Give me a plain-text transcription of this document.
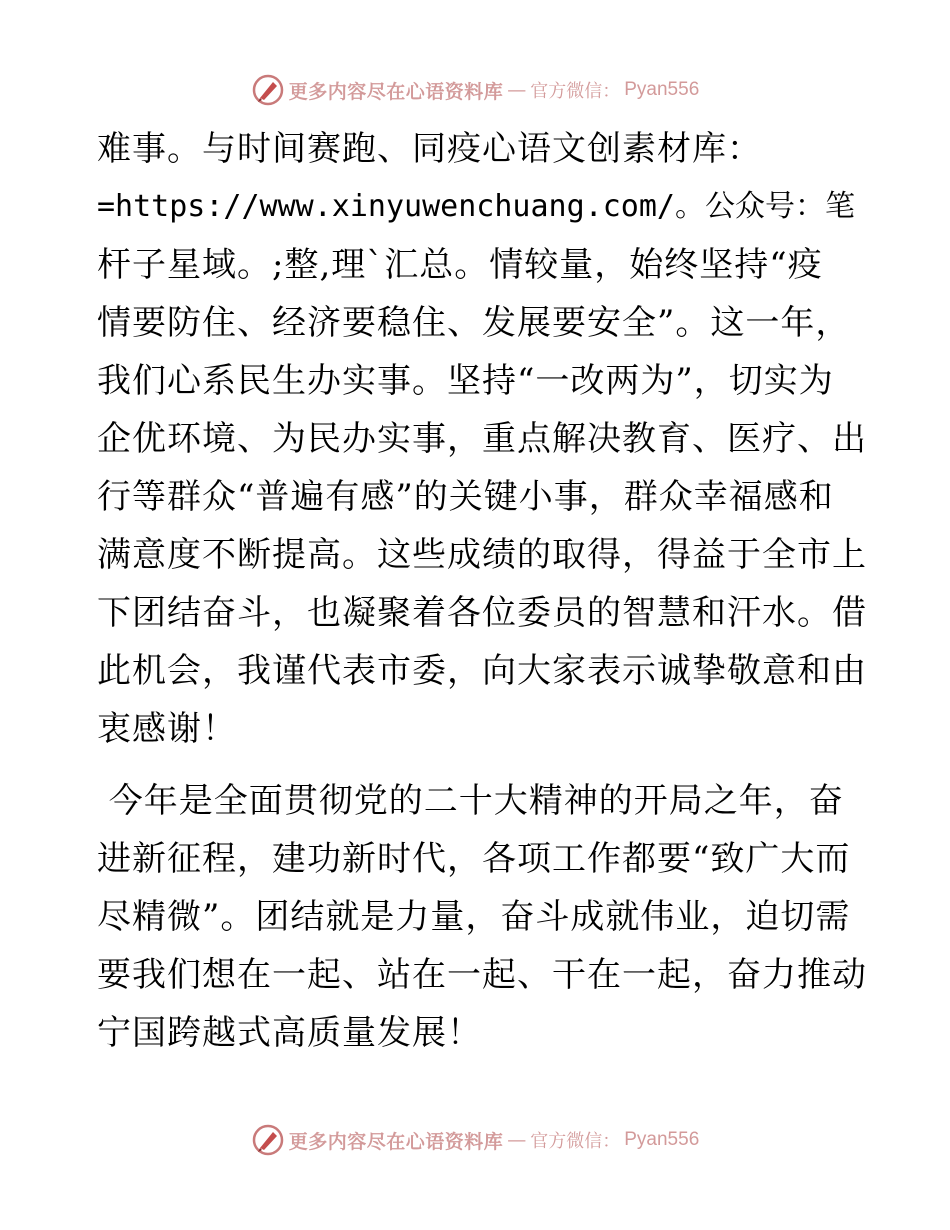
更多内容尽在心语资料库 — 官方微信： Pyan556
难事。与时间赛跑、同疫心语文创素材库：
=https://www.xinyuwenchuang.com/。公众号：笔
杆子星域。;整,理`汇总。情较量，始终坚持“疫
情要防住、经济要稳住、发展要安全”。这一年，
我们心系民生办实事。坚持“一改两为”，切实为
企优环境、为民办实事，重点解决教育、医疗、出
行等群众“普遍有感”的关键小事，群众幸福感和
满意度不断提高。这些成绩的取得，得益于全市上
下团结奋斗，也凝聚着各位委员的智慧和汗水。借
此机会，我谨代表市委，向大家表示诚挚敬意和由
衷感谢！
今年是全面贯彻党的二十大精神的开局之年，奋
进新征程，建功新时代，各项工作都要“致广大而
尽精微”。团结就是力量，奋斗成就伟业，迫切需
要我们想在一起、站在一起、干在一起，奋力推动
宁国跨越式高质量发展！
更多内容尽在心语资料库 — 官方微信： Pyan556
